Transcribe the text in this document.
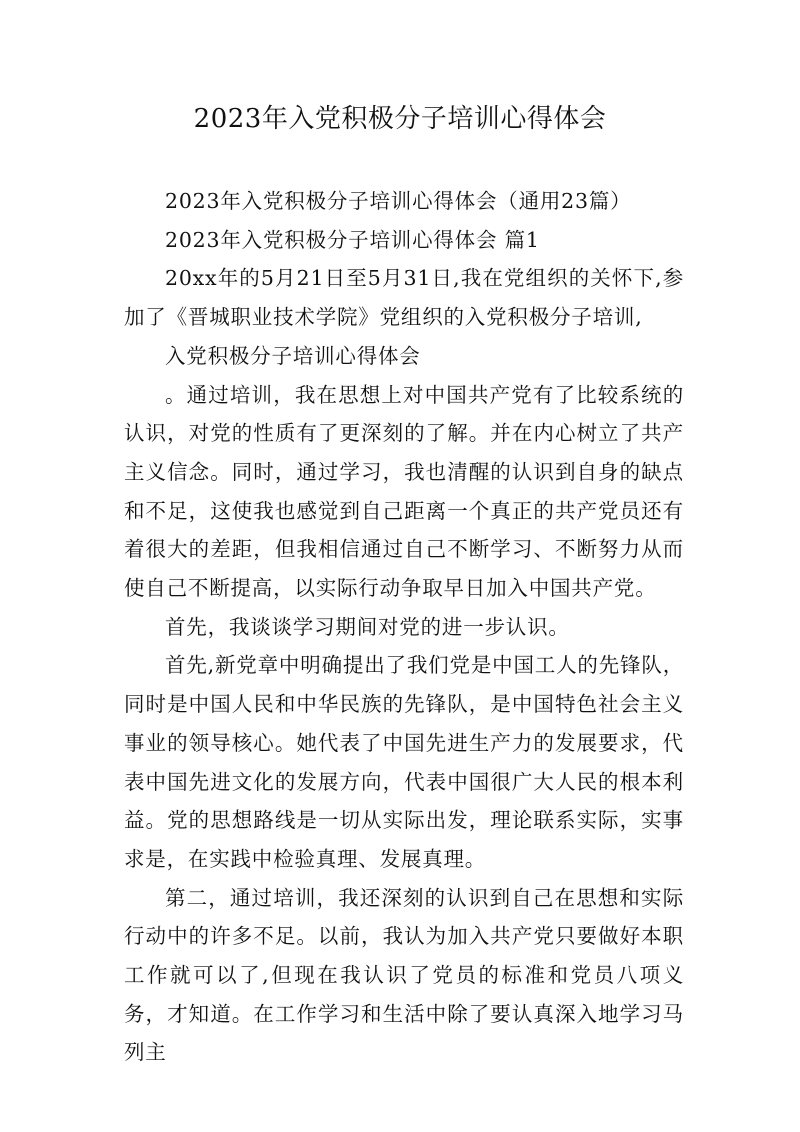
2023年入党积极分子培训心得体会

2023年入党积极分子培训心得体会（通用23篇）

2023年入党积极分子培训心得体会 篇1

20xx年的5月21日至5月31日,我在党组织的关怀下,参加了《晋城职业技术学院》党组织的入党积极分子培训,

入党积极分子培训心得体会

。通过培训，我在思想上对中国共产党有了比较系统的认识，对党的性质有了更深刻的了解。并在内心树立了共产主义信念。同时，通过学习，我也清醒的认识到自身的缺点和不足，这使我也感觉到自己距离一个真正的共产党员还有着很大的差距，但我相信通过自己不断学习、不断努力从而使自己不断提高，以实际行动争取早日加入中国共产党。

首先，我谈谈学习期间对党的进一步认识。

首先,新党章中明确提出了我们党是中国工人的先锋队，同时是中国人民和中华民族的先锋队，是中国特色社会主义事业的领导核心。她代表了中国先进生产力的发展要求，代表中国先进文化的发展方向，代表中国很广大人民的根本利益。党的思想路线是一切从实际出发，理论联系实际，实事求是，在实践中检验真理、发展真理。

第二，通过培训，我还深刻的认识到自己在思想和实际行动中的许多不足。以前，我认为加入共产党只要做好本职工作就可以了,但现在我认识了党员的标准和党员八项义务，才知道。在工作学习和生活中除了要认真深入地学习马列主
